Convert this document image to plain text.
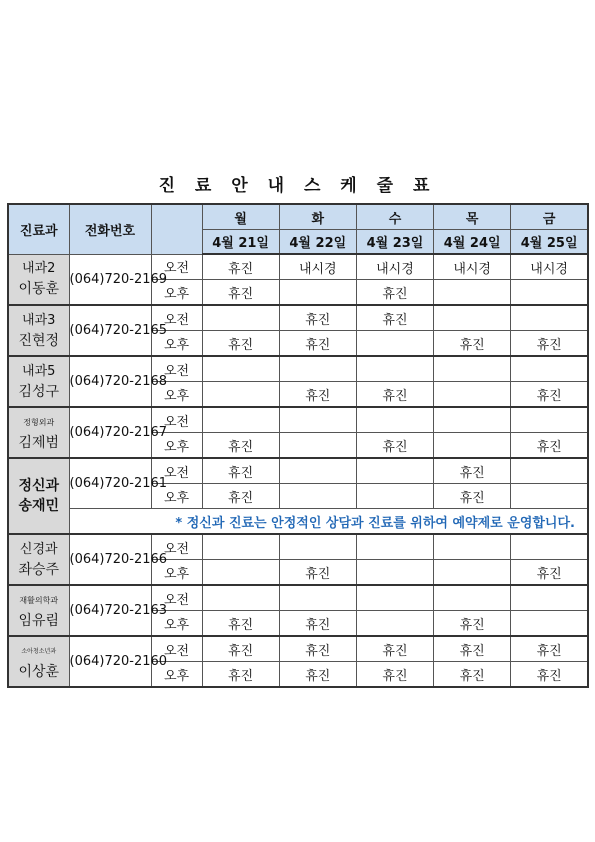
진 료 안 내 스 케 줄 표
진료과	전화번호		월	화	수	목	금
			4월 21일	4월 22일	4월 23일	4월 24일	4월 25일

내과2
이동훈	(064)720-2169	오전	휴진	내시경	내시경	내시경	내시경
		오후	휴진		휴진		

내과3
진현정	(064)720-2165	오전		휴진	휴진		
		오후	휴진	휴진		휴진	휴진

내과5
김성구	(064)720-2168	오전					
		오후		휴진	휴진		휴진

정형외과
김제범	(064)720-2167	오전					
		오후	휴진		휴진		휴진

정신과
송재민	(064)720-2161	오전	휴진			휴진	
		오후	휴진			휴진	
	* 정신과 진료는 안정적인 상담과 진료를 위하여 예약제로 운영합니다.						

신경과
좌승주	(064)720-2166	오전					
		오후		휴진			휴진

재활의학과
임유림	(064)720-2163	오전					
		오후	휴진	휴진		휴진	

소아청소년과
이상훈	(064)720-2160	오전	휴진	휴진	휴진	휴진	휴진
		오후	휴진	휴진	휴진	휴진	휴진
